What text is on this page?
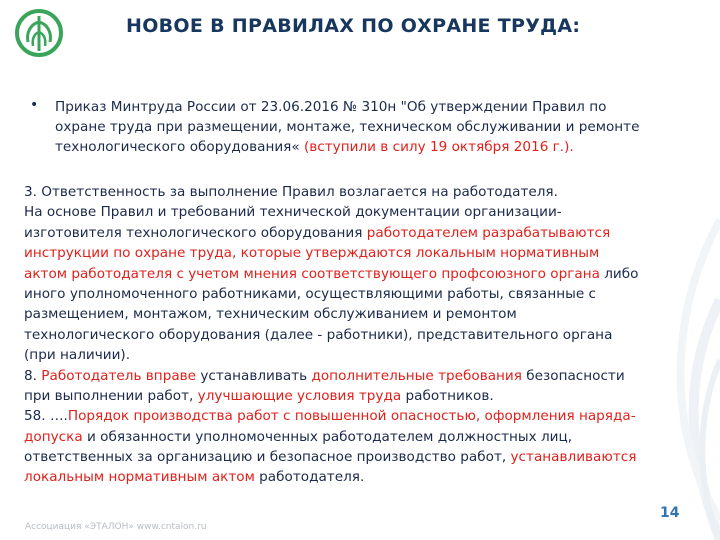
НОВОЕ В ПРАВИЛАХ ПО ОХРАНЕ ТРУДА:
• Приказ Минтруда России от 23.06.2016 № 310н "Об утверждении Правил по
охране труда при размещении, монтаже, техническом обслуживании и ремонте
технологического оборудования« (вступили в силу 19 октября 2016 г.).
3. Ответственность за выполнение Правил возлагается на работодателя.
На основе Правил и требований технической документации организации-
изготовителя технологического оборудования работодателем разрабатываются
инструкции по охране труда, которые утверждаются локальным нормативным
актом работодателя с учетом мнения соответствующего профсоюзного органа либо
иного уполномоченного работниками, осуществляющими работы, связанные с
размещением, монтажом, техническим обслуживанием и ремонтом
технологического оборудования (далее - работники), представительного органа
(при наличии).
8. Работодатель вправе устанавливать дополнительные требования безопасности
при выполнении работ, улучшающие условия труда работников.
58. ….Порядок производства работ с повышенной опасностью, оформления наряда-
допуска и обязанности уполномоченных работодателем должностных лиц,
ответственных за организацию и безопасное производство работ, устанавливаются
локальным нормативным актом работодателя.
Ассоциация «ЭТАЛОН» www.cntalon.ru
14
